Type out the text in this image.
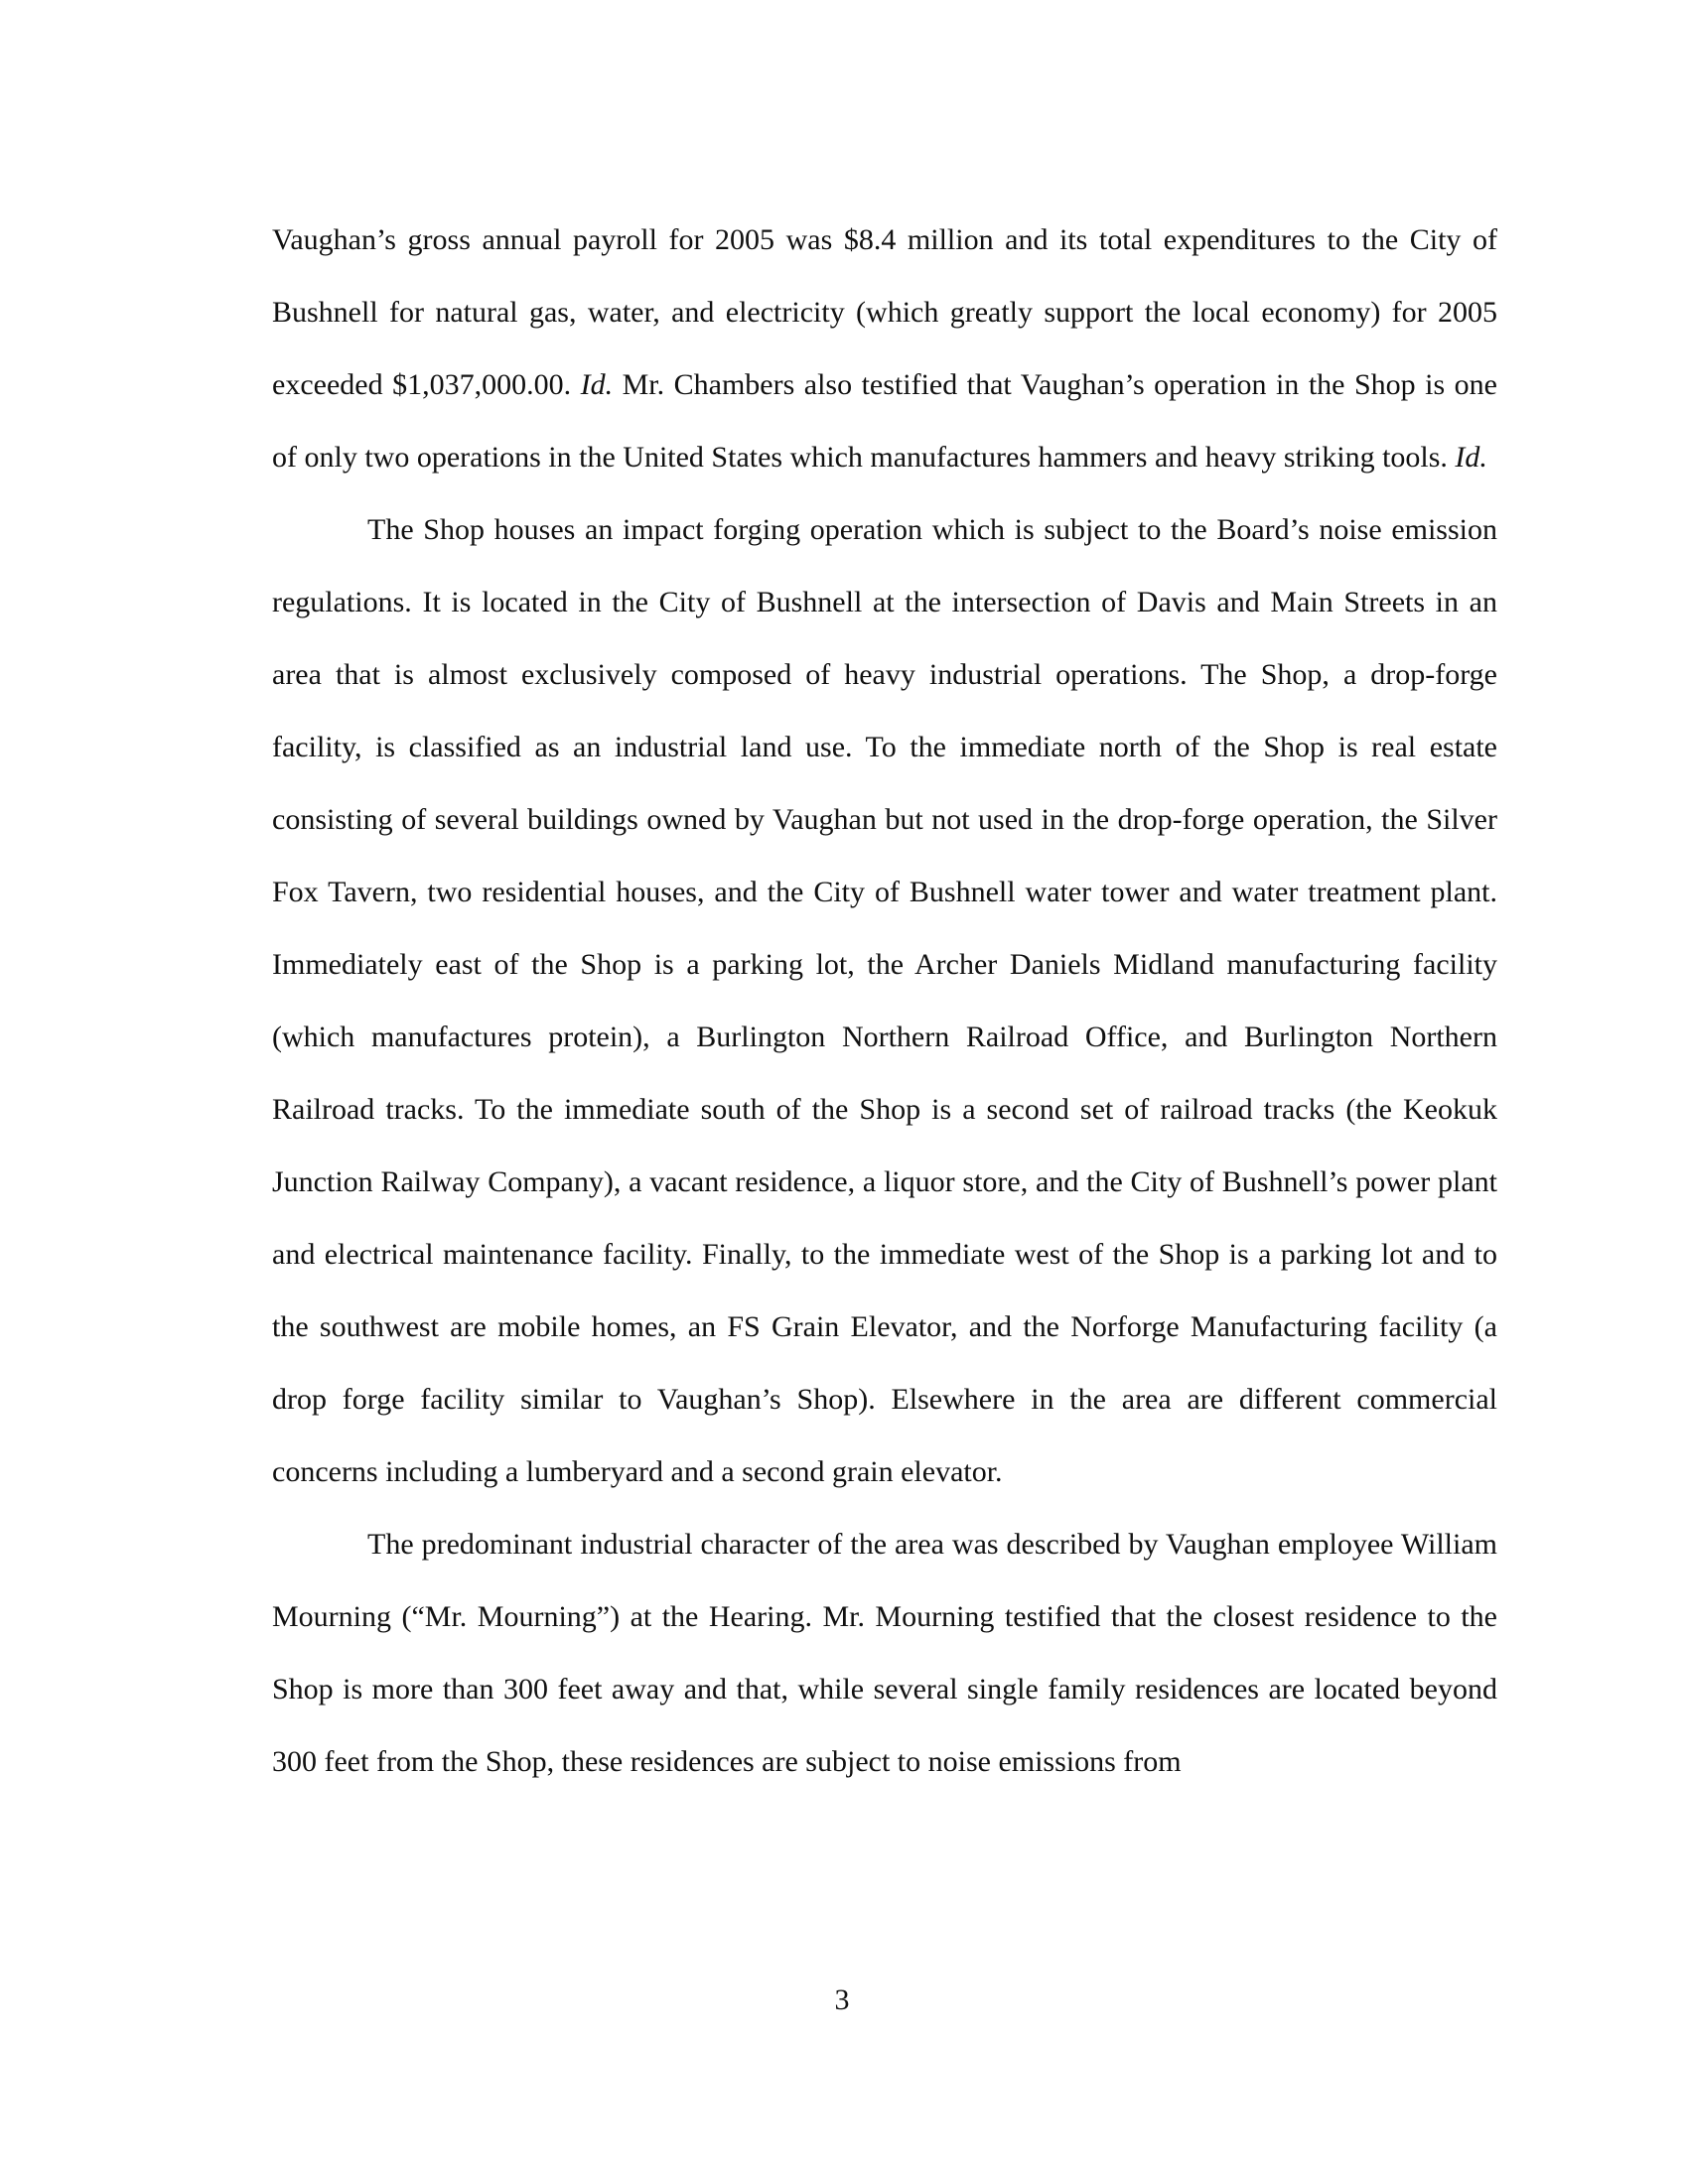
Vaughan’s gross annual payroll for 2005 was $8.4 million and its total expenditures to the City of Bushnell for natural gas, water, and electricity (which greatly support the local economy) for 2005 exceeded $1,037,000.00. Id. Mr. Chambers also testified that Vaughan’s operation in the Shop is one of only two operations in the United States which manufactures hammers and heavy striking tools. Id.

The Shop houses an impact forging operation which is subject to the Board’s noise emission regulations. It is located in the City of Bushnell at the intersection of Davis and Main Streets in an area that is almost exclusively composed of heavy industrial operations. The Shop, a drop-forge facility, is classified as an industrial land use. To the immediate north of the Shop is real estate consisting of several buildings owned by Vaughan but not used in the drop-forge operation, the Silver Fox Tavern, two residential houses, and the City of Bushnell water tower and water treatment plant. Immediately east of the Shop is a parking lot, the Archer Daniels Midland manufacturing facility (which manufactures protein), a Burlington Northern Railroad Office, and Burlington Northern Railroad tracks. To the immediate south of the Shop is a second set of railroad tracks (the Keokuk Junction Railway Company), a vacant residence, a liquor store, and the City of Bushnell’s power plant and electrical maintenance facility. Finally, to the immediate west of the Shop is a parking lot and to the southwest are mobile homes, an FS Grain Elevator, and the Norforge Manufacturing facility (a drop forge facility similar to Vaughan’s Shop). Elsewhere in the area are different commercial concerns including a lumberyard and a second grain elevator.

The predominant industrial character of the area was described by Vaughan employee William Mourning (“Mr. Mourning”) at the Hearing. Mr. Mourning testified that the closest residence to the Shop is more than 300 feet away and that, while several single family residences are located beyond 300 feet from the Shop, these residences are subject to noise emissions from

3
